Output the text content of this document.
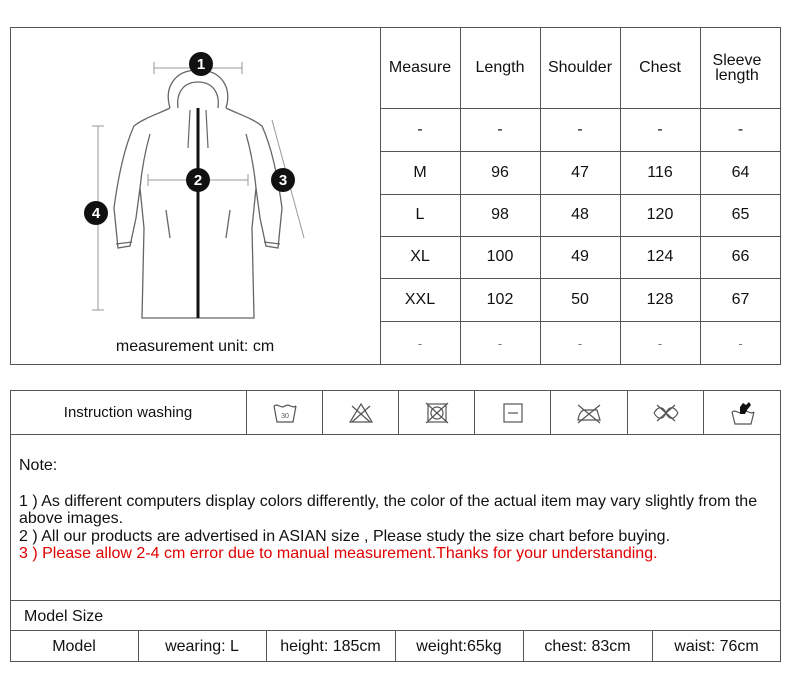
1
2	3
4
measurement unit: cm
Measure	Length	Shoulder	Chest	Sleeve length
-	-	-	-	-
M	96	47	116	64
L	98	48	120	65
XL	100	49	124	66
XXL	102	50	128	67
-	-	-	-	-
Instruction washing	30
Note:
1 ) As different computers display colors differently, the color of the actual item may vary slightly from the above images.
2 ) All our products are advertised in ASIAN size , Please study the size chart before buying.
3 ) Please allow 2-4 cm error due to manual measurement.Thanks for your understanding.
Model Size
Model	wearing: L	height: 185cm	weight:65kg	chest: 83cm	waist: 76cm
